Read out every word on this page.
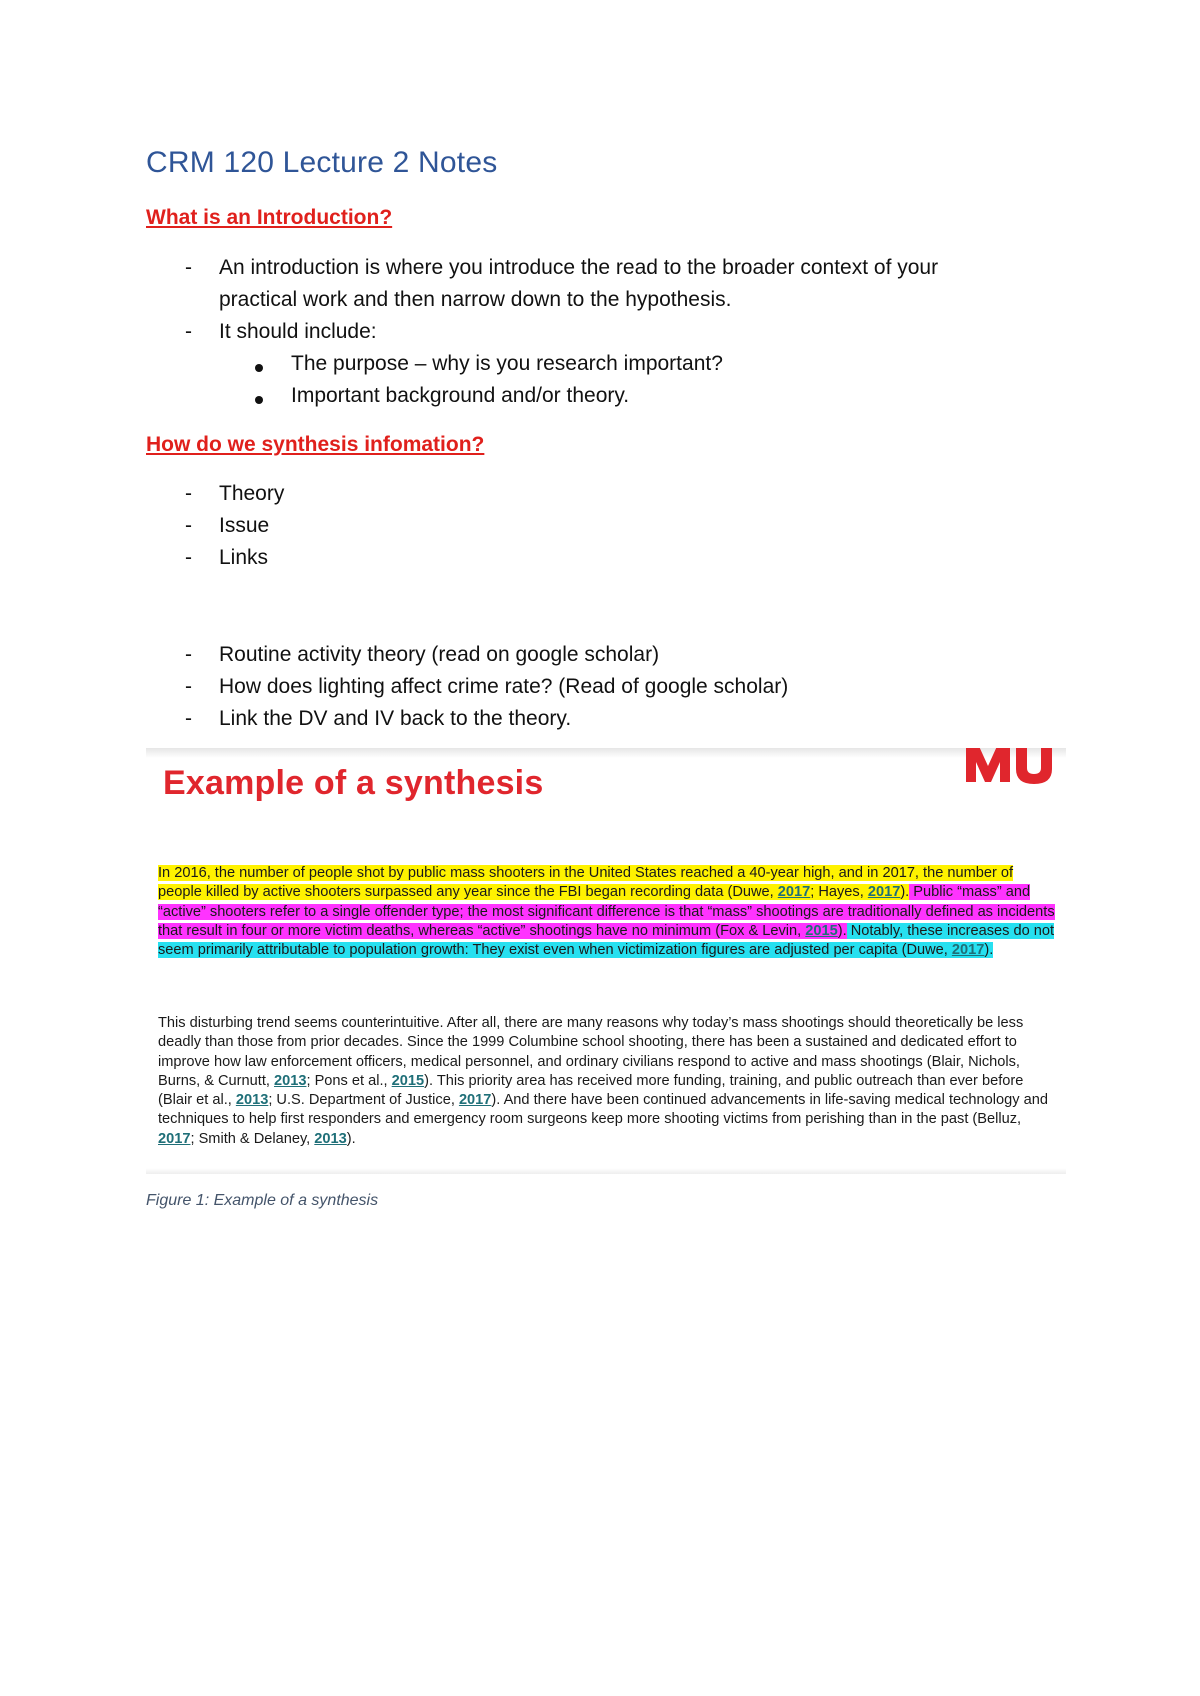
CRM 120 Lecture 2 Notes
What is an Introduction?
- An introduction is where you introduce the read to the broader context of your

practical work and then narrow down to the hypothesis.

- It should include:

The purpose – why is you research important?

Important background and/or theory.

How do we synthesis infomation?
- Theory

- Issue

- Links

- Routine activity theory (read on google scholar)

- How does lighting affect crime rate? (Read of google scholar)

- Link the DV and IV back to the theory.

Example of a synthesis

In 2016, the number of people shot by public mass shooters in the United States reached a 40-year high, and in 2017, the number of people killed by active shooters surpassed any year since the FBI began recording data (Duwe, 2017; Hayes, 2017). Public “mass” and “active” shooters refer to a single offender type; the most significant difference is that “mass” shootings are traditionally defined as incidents that result in four or more victim deaths, whereas “active” shootings have no minimum (Fox & Levin, 2015). Notably, these increases do not seem primarily attributable to population growth: They exist even when victimization figures are adjusted per capita (Duwe, 2017).

This disturbing trend seems counterintuitive. After all, there are many reasons why today’s mass shootings should theoretically be less deadly than those from prior decades. Since the 1999 Columbine school shooting, there has been a sustained and dedicated effort to improve how law enforcement officers, medical personnel, and ordinary civilians respond to active and mass shootings (Blair, Nichols, Burns, & Curnutt, 2013; Pons et al., 2015). This priority area has received more funding, training, and public outreach than ever before (Blair et al., 2013; U.S. Department of Justice, 2017). And there have been continued advancements in life-saving medical technology and techniques to help first responders and emergency room surgeons keep more shooting victims from perishing than in the past (Belluz, 2017; Smith & Delaney, 2013).

Figure 1: Example of a synthesis
